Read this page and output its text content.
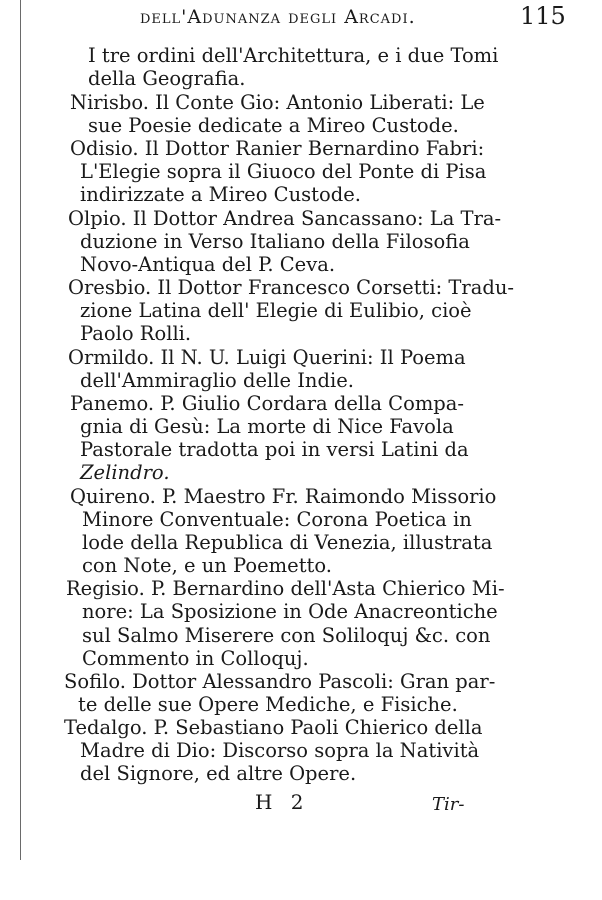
dell'Adunanza degli Arcadi.	115
I tre ordini dell'Architettura, e i due Tomi
della Geografia.
Nirisbo. Il Conte Gio: Antonio Liberati: Le
sue Poesie dedicate a Mireo Custode.
Odisio. Il Dottor Ranier Bernardino Fabri:
L'Elegie sopra il Giuoco del Ponte di Pisa
indirizzate a Mireo Custode.
Olpio. Il Dottor Andrea Sancassano: La Tra-
duzione in Verso Italiano della Filosofia
Novo-Antiqua del P. Ceva.
Oresbio. Il Dottor Francesco Corsetti: Tradu-
zione Latina dell' Elegie di Eulibio, cioè
Paolo Rolli.
Ormildo. Il N. U. Luigi Querini: Il Poema
dell'Ammiraglio delle Indie.
Panemo. P. Giulio Cordara della Compa-
gnia di Gesù: La morte di Nice Favola
Pastorale tradotta poi in versi Latini da
Zelindro.
Quireno. P. Maestro Fr. Raimondo Missorio
Minore Conventuale: Corona Poetica in
lode della Republica di Venezia, illustrata
con Note, e un Poemetto.
Regisio. P. Bernardino dell'Asta Chierico Mi-
nore: La Sposizione in Ode Anacreontiche
sul Salmo Miserere con Soliloquj &c. con
Commento in Colloquj.
Sofilo. Dottor Alessandro Pascoli: Gran par-
te delle sue Opere Mediche, e Fisiche.
Tedalgo. P. Sebastiano Paoli Chierico della
Madre di Dio: Discorso sopra la Natività
del Signore, ed altre Opere.
H 2	Tir-
